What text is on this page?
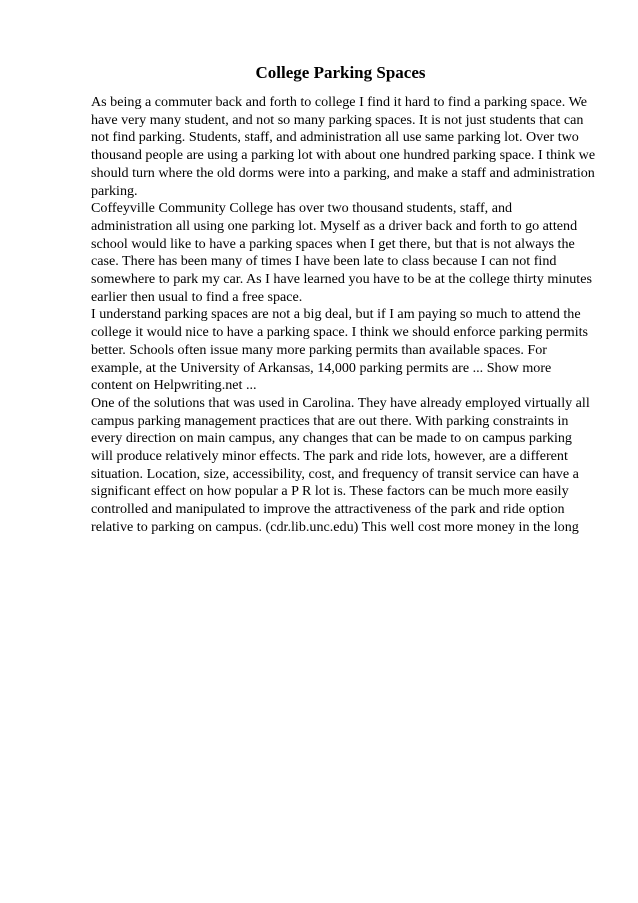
College Parking Spaces

As being a commuter back and forth to college I find it hard to find a parking space. We have very many student, and not so many parking spaces. It is not just students that can not find parking. Students, staff, and administration all use same parking lot. Over two thousand people are using a parking lot with about one hundred parking space. I think we should turn where the old dorms were into a parking, and make a staff and administration parking.

Coffeyville Community College has over two thousand students, staff, and administration all using one parking lot. Myself as a driver back and forth to go attend school would like to have a parking spaces when I get there, but that is not always the case. There has been many of times I have been late to class because I can not find somewhere to park my car. As I have learned you have to be at the college thirty minutes earlier then usual to find a free space.

I understand parking spaces are not a big deal, but if I am paying so much to attend the college it would nice to have a parking space. I think we should enforce parking permits better. Schools often issue many more parking permits than available spaces. For example, at the University of Arkansas, 14,000 parking permits are ... Show more content on Helpwriting.net ...

One of the solutions that was used in Carolina. They have already employed virtually all campus parking management practices that are out there. With parking constraints in every direction on main campus, any changes that can be made to on campus parking will produce relatively minor effects. The park and ride lots, however, are a different situation. Location, size, accessibility, cost, and frequency of transit service can have a significant effect on how popular a P R lot is. These factors can be much more easily controlled and manipulated to improve the attractiveness of the park and ride option relative to parking on campus. (cdr.lib.unc.edu) This well cost more money in the long
